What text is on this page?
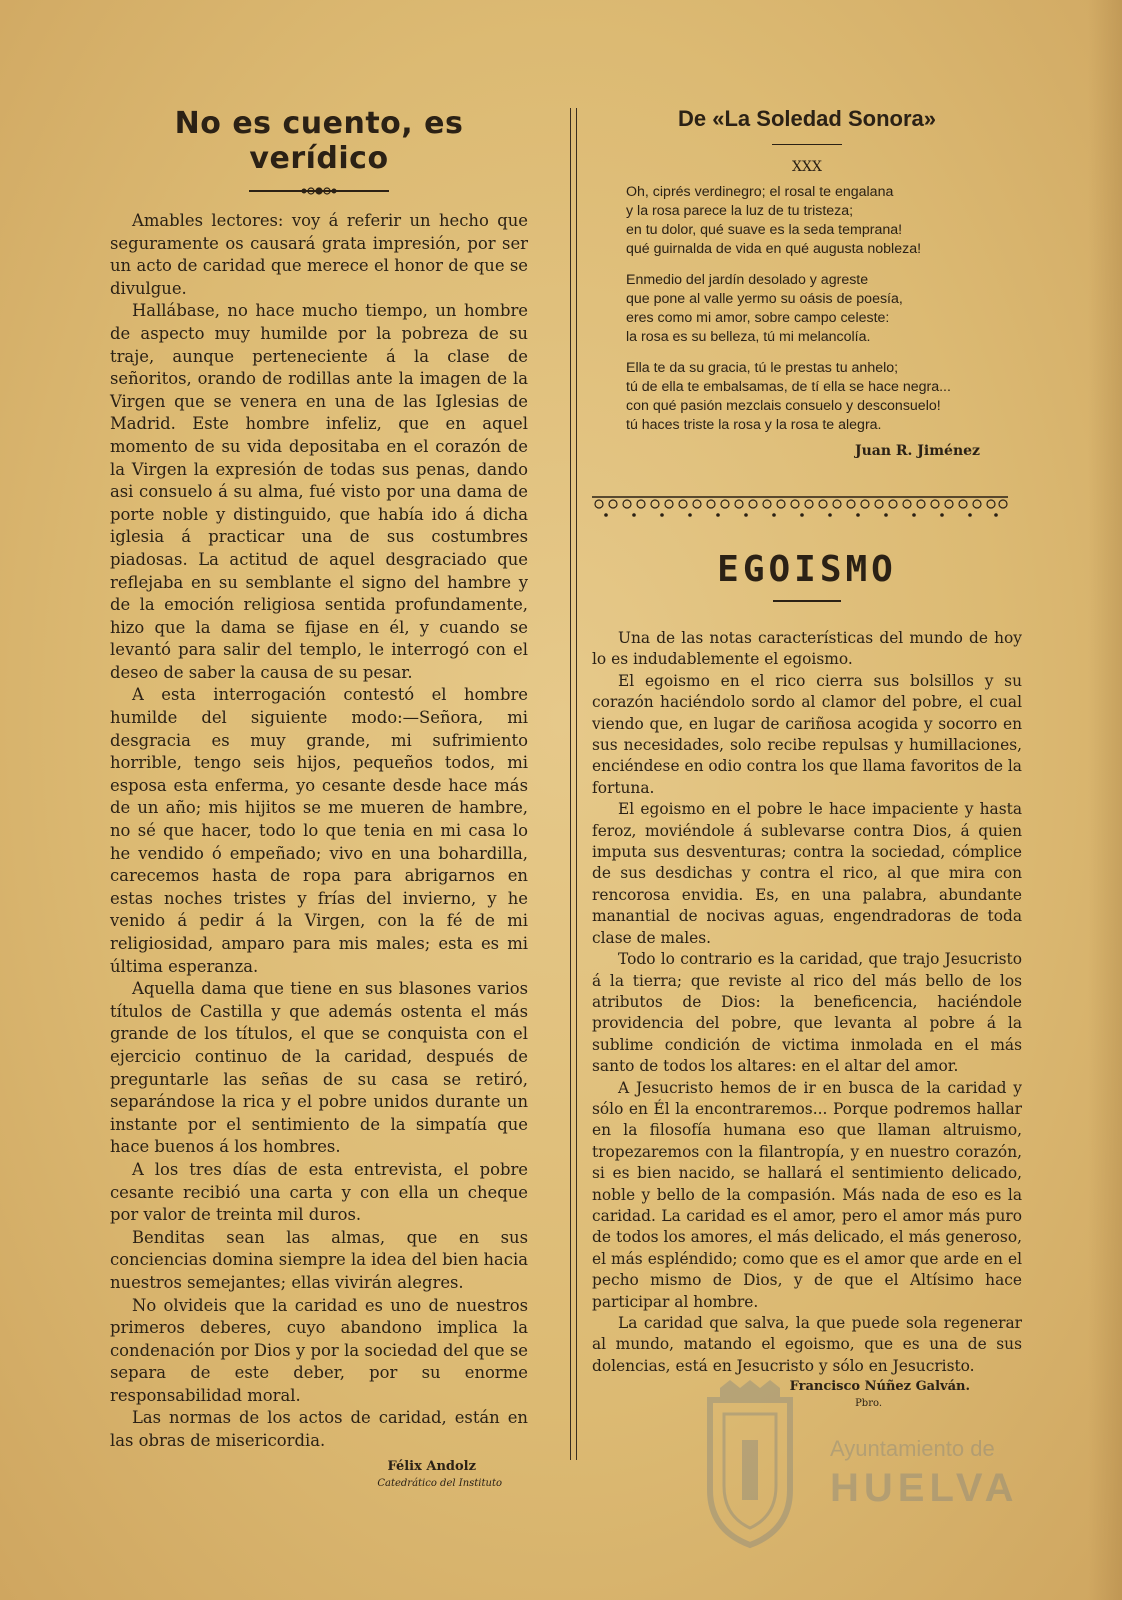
No es cuento, es verídico

Amables lectores: voy á referir un hecho que seguramente os causará grata impresión, por ser un acto de caridad que merece el honor de que se divulgue.

Hallábase, no hace mucho tiempo, un hombre de aspecto muy humilde por la pobreza de su traje, aunque perteneciente á la clase de señoritos, orando de rodillas ante la imagen de la Virgen que se venera en una de las Iglesias de Madrid. Este hombre infeliz, que en aquel momento de su vida depositaba en el corazón de la Virgen la expresión de todas sus penas, dando asi consuelo á su alma, fué visto por una dama de porte noble y distinguido, que había ido á dicha iglesia á practicar una de sus costumbres piadosas. La actitud de aquel desgraciado que reflejaba en su semblante el signo del hambre y de la emoción religiosa sentida profundamente, hizo que la dama se fijase en él, y cuando se levantó para salir del templo, le interrogó con el deseo de saber la causa de su pesar.

A esta interrogación contestó el hombre humilde del siguiente modo:—Señora, mi desgracia es muy grande, mi sufrimiento horrible, tengo seis hijos, pequeños todos, mi esposa esta enferma, yo cesante desde hace más de un año; mis hijitos se me mueren de hambre, no sé que hacer, todo lo que tenia en mi casa lo he vendido ó empeñado; vivo en una bohardilla, carecemos hasta de ropa para abrigarnos en estas noches tristes y frías del invierno, y he venido á pedir á la Virgen, con la fé de mi religiosidad, amparo para mis males; esta es mi última esperanza.

Aquella dama que tiene en sus blasones varios títulos de Castilla y que además ostenta el más grande de los títulos, el que se conquista con el ejercicio continuo de la caridad, después de preguntarle las señas de su casa se retiró, separándose la rica y el pobre unidos durante un instante por el sentimiento de la simpatía que hace buenos á los hombres.

A los tres días de esta entrevista, el pobre cesante recibió una carta y con ella un cheque por valor de treinta mil duros.

Benditas sean las almas, que en sus conciencias domina siempre la idea del bien hacia nuestros semejantes; ellas vivirán alegres.

No olvideis que la caridad es uno de nuestros primeros deberes, cuyo abandono implica la condenación por Dios y por la sociedad del que se separa de este deber, por su enorme responsabilidad moral.

Las normas de los actos de caridad, están en las obras de misericordia.

Félix Andolz
Catedrático del Instituto
De «La Soledad Sonora»
XXX
Oh, ciprés verdinegro; el rosal te engalana
y la rosa parece la luz de tu tristeza;
en tu dolor, qué suave es la seda temprana!
qué guirnalda de vida en qué augusta nobleza!
Enmedio del jardín desolado y agreste
que pone al valle yermo su oásis de poesía,
eres como mi amor, sobre campo celeste:
la rosa es su belleza, tú mi melancolía.
Ella te da su gracia, tú le prestas tu anhelo;
tú de ella te embalsamas, de tí ella se hace negra...
con qué pasión mezclais consuelo y desconsuelo!
tú haces triste la rosa y la rosa te alegra.
Juan R. Jiménez
EGOISMO

Una de las notas características del mundo de hoy lo es indudablemente el egoismo.

El egoismo en el rico cierra sus bolsillos y su corazón haciéndolo sordo al clamor del pobre, el cual viendo que, en lugar de cariñosa acogida y socorro en sus necesidades, solo recibe repulsas y humillaciones, enciéndese en odio contra los que llama favoritos de la fortuna.

El egoismo en el pobre le hace impaciente y hasta feroz, moviéndole á sublevarse contra Dios, á quien imputa sus desventuras; contra la sociedad, cómplice de sus desdichas y contra el rico, al que mira con rencorosa envidia. Es, en una palabra, abundante manantial de nocivas aguas, engendradoras de toda clase de males.

Todo lo contrario es la caridad, que trajo Jesucristo á la tierra; que reviste al rico del más bello de los atributos de Dios: la beneficencia, haciéndole providencia del pobre, que levanta al pobre á la sublime condición de victima inmolada en el más santo de todos los altares: en el altar del amor.

A Jesucristo hemos de ir en busca de la caridad y sólo en Él la encontraremos... Porque podremos hallar en la filosofía humana eso que llaman altruismo, tropezaremos con la filantropía, y en nuestro corazón, si es bien nacido, se hallará el sentimiento delicado, noble y bello de la compasión. Más nada de eso es la caridad. La caridad es el amor, pero el amor más puro de todos los amores, el más delicado, el más generoso, el más espléndido; como que es el amor que arde en el pecho mismo de Dios, y de que el Altísimo hace participar al hombre.

La caridad que salva, la que puede sola regenerar al mundo, matando el egoismo, que es una de sus dolencias, está en Jesucristo y sólo en Jesucristo.

Francisco Núñez Galván.
Pbro.
Ayuntamiento de
HUELVA
